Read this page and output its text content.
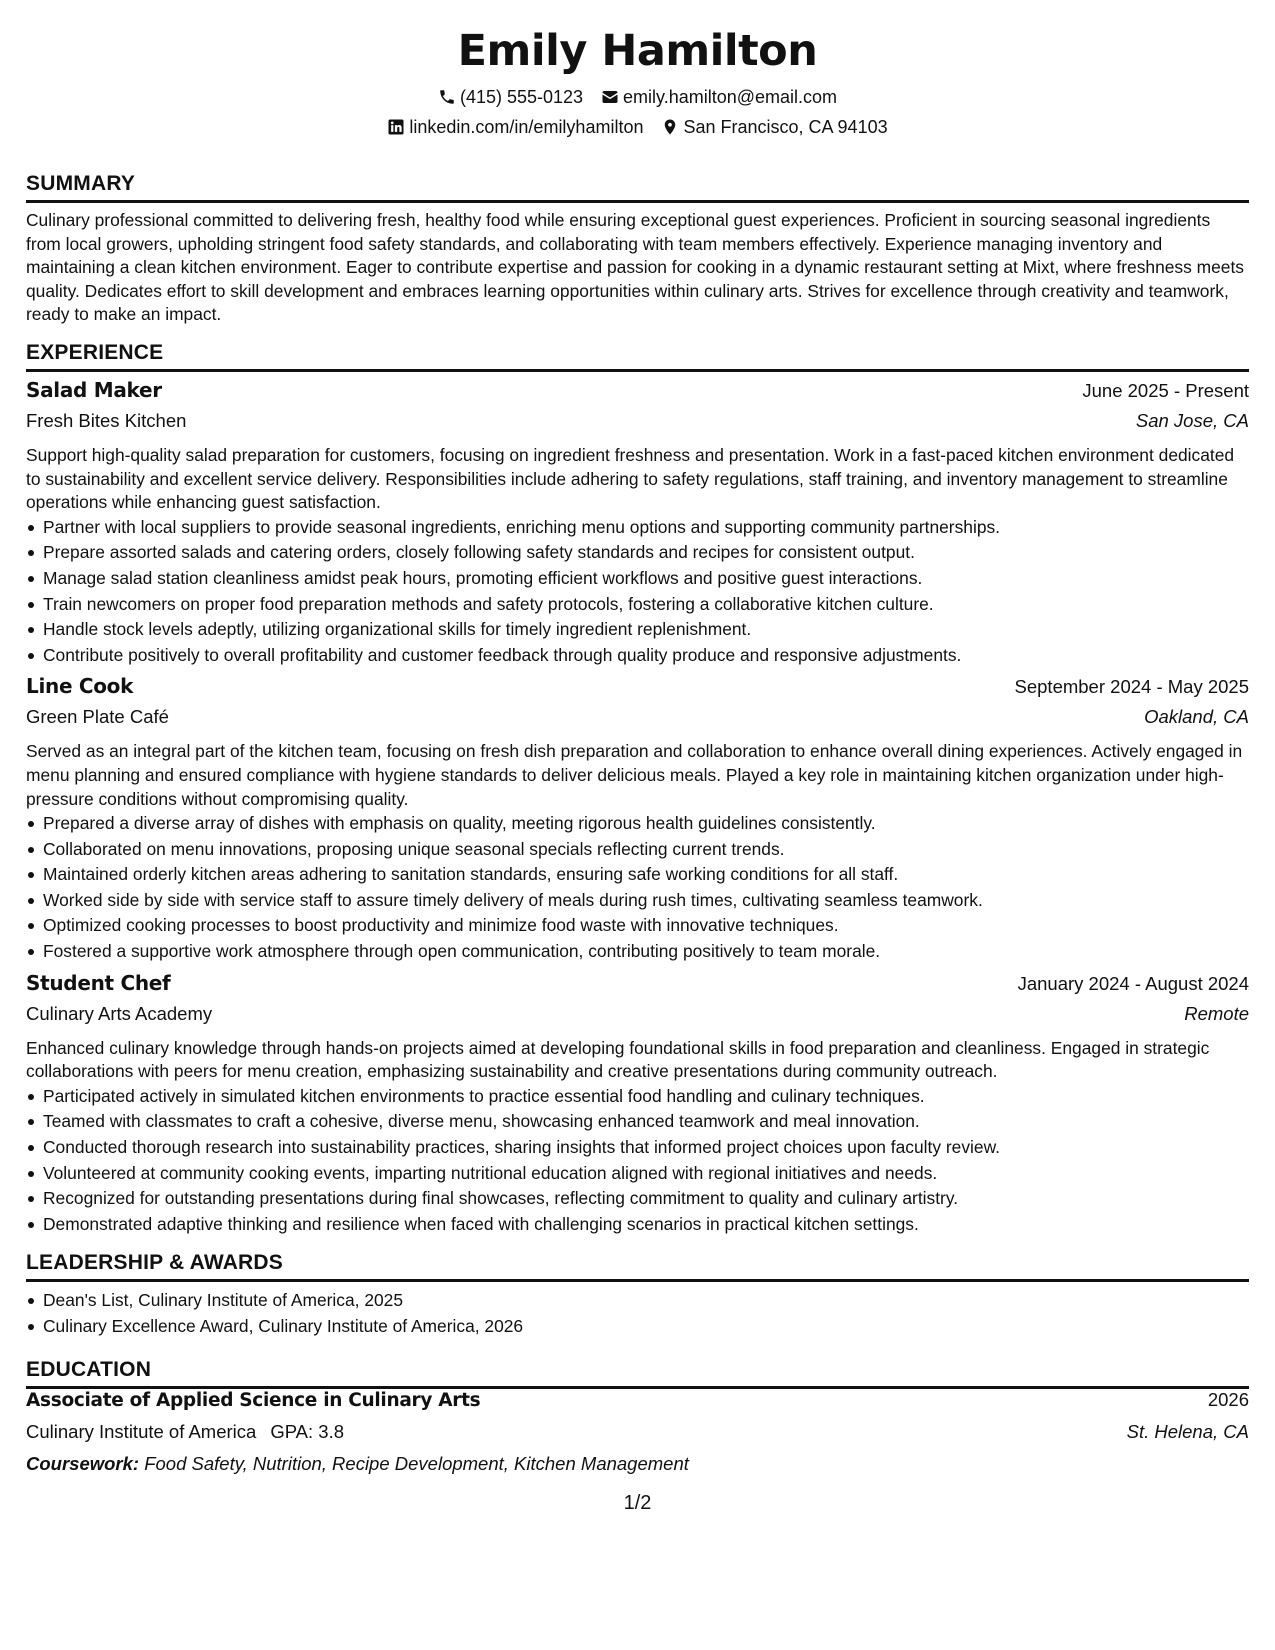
Emily Hamilton
(415) 555-0123 emily.hamilton@email.com
linkedin.com/in/emilyhamilton San Francisco, CA 94103
SUMMARY

Culinary professional committed to delivering fresh, healthy food while ensuring exceptional guest experiences. Proficient in sourcing seasonal ingredients from local growers, upholding stringent food safety standards, and collaborating with team members effectively. Experience managing inventory and maintaining a clean kitchen environment. Eager to contribute expertise and passion for cooking in a dynamic restaurant setting at Mixt, where freshness meets quality. Dedicates effort to skill development and embraces learning opportunities within culinary arts. Strives for excellence through creativity and teamwork, ready to make an impact.

EXPERIENCE
Salad Maker	June 2025 - Present
Fresh Bites Kitchen	San Jose, CA

Support high-quality salad preparation for customers, focusing on ingredient freshness and presentation. Work in a fast-paced kitchen environment dedicated to sustainability and excellent service delivery. Responsibilities include adhering to safety regulations, staff training, and inventory management to streamline operations while enhancing guest satisfaction.

Partner with local suppliers to provide seasonal ingredients, enriching menu options and supporting community partnerships.
Prepare assorted salads and catering orders, closely following safety standards and recipes for consistent output.
Manage salad station cleanliness amidst peak hours, promoting efficient workflows and positive guest interactions.
Train newcomers on proper food preparation methods and safety protocols, fostering a collaborative kitchen culture.
Handle stock levels adeptly, utilizing organizational skills for timely ingredient replenishment.
Contribute positively to overall profitability and customer feedback through quality produce and responsive adjustments.
Line Cook	September 2024 - May 2025
Green Plate Café	Oakland, CA

Served as an integral part of the kitchen team, focusing on fresh dish preparation and collaboration to enhance overall dining experiences. Actively engaged in menu planning and ensured compliance with hygiene standards to deliver delicious meals. Played a key role in maintaining kitchen organization under high-pressure conditions without compromising quality.

Prepared a diverse array of dishes with emphasis on quality, meeting rigorous health guidelines consistently.
Collaborated on menu innovations, proposing unique seasonal specials reflecting current trends.
Maintained orderly kitchen areas adhering to sanitation standards, ensuring safe working conditions for all staff.
Worked side by side with service staff to assure timely delivery of meals during rush times, cultivating seamless teamwork.
Optimized cooking processes to boost productivity and minimize food waste with innovative techniques.
Fostered a supportive work atmosphere through open communication, contributing positively to team morale.
Student Chef	January 2024 - August 2024
Culinary Arts Academy	Remote

Enhanced culinary knowledge through hands-on projects aimed at developing foundational skills in food preparation and cleanliness. Engaged in strategic collaborations with peers for menu creation, emphasizing sustainability and creative presentations during community outreach.

Participated actively in simulated kitchen environments to practice essential food handling and culinary techniques.
Teamed with classmates to craft a cohesive, diverse menu, showcasing enhanced teamwork and meal innovation.
Conducted thorough research into sustainability practices, sharing insights that informed project choices upon faculty review.
Volunteered at community cooking events, imparting nutritional education aligned with regional initiatives and needs.
Recognized for outstanding presentations during final showcases, reflecting commitment to quality and culinary artistry.
Demonstrated adaptive thinking and resilience when faced with challenging scenarios in practical kitchen settings.
LEADERSHIP & AWARDS
Dean's List, Culinary Institute of America, 2025
Culinary Excellence Award, Culinary Institute of America, 2026
EDUCATION
Associate of Applied Science in Culinary Arts	2026
Culinary Institute of America GPA: 3.8	St. Helena, CA
Coursework: Food Safety, Nutrition, Recipe Development, Kitchen Management
1/2
